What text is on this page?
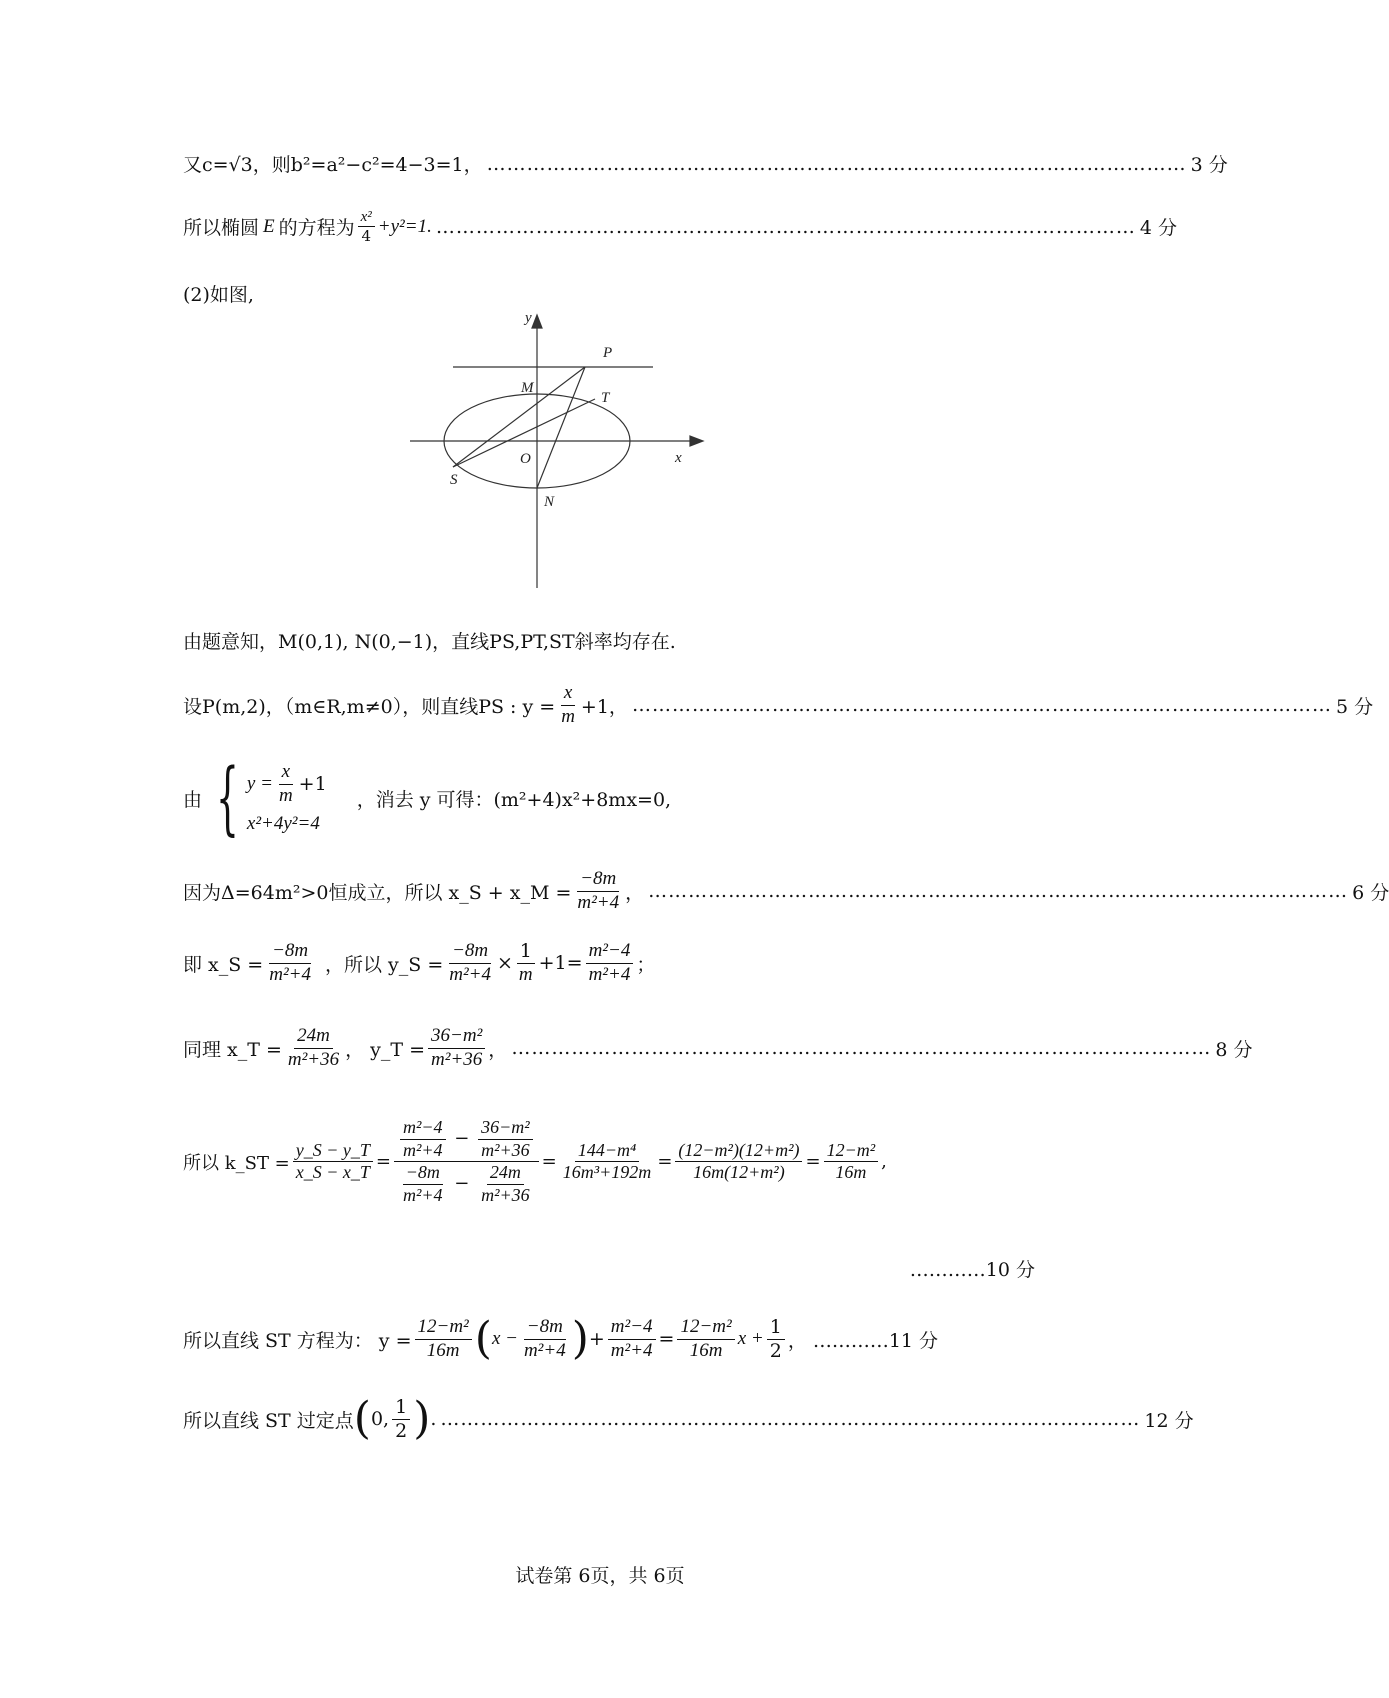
又c=√3，则b²=a²−c²=4−3=1， …………………………………………………………………………………………… 3 分
所以椭圆 E 的方程为 $\frac{\text{x²}}{4} +y^2=1$. …………………………………………………………………………………………… 4 分
(2)如图,
y
x
P
M
T
O
S
N
由题意知，M(0,1), N(0,−1)，直线PS,PT,ST斜率均存在.
设P(m,2)，（m∈R,m≠0），则直线PS : $y = \frac{x}{m} +1$， …………………………………………………………………………………………… 5 分
由 { $y = \frac{x}{m} +1$
x²+4y²=4
，消去 y 可得：(m²+4)x²+8mx=0,
因为Δ=64m²>0恒成立，所以 x_S + x_M = $\frac{-8m}{\text{m²+4}}$ ， …………………………………………………………………………………………… 6 分
即 x_S = $\frac{-8m}{\text{m²+4}}$ ，所以 y_S = $\frac{-8m}{\text{m²+4}} \times \frac{1}{m} +1= \frac{\text{m²−4}}{\text{m²+4}}$ ；
同理 x_T = $\frac{24m}{\text{m²+36}}$ ， y_T = $\frac{\text{36−m²}}{\text{m²+36}}$ ， …………………………………………………………………………………………… 8 分
所以 k_ST = $\frac{y\_S - y\_T}{x\_S - x\_T} = \frac{\frac{\text{m²−4}}{\text{m²+4}} - \frac{\text{36−m²}}{\text{m²+36}}}{\frac{-8m}{\text{m²+4}} - \frac{24m}{\text{m²+36}}} = \frac{\text{144−m⁴}}{\text{16m³+192m}} = \frac{\text{(12−m²)(12+m²)}}{\text{16m(12+m²)}} = \frac{\text{12−m²}}{16m}$ ,
…………10 分
所以直线 ST 方程为： $y = \frac{\text{12−m²}}{16m}$ ( $x - \frac{-8m}{\text{m²+4}}$ ) + $\frac{\text{m²−4}}{\text{m²+4}} = \frac{\text{12−m²}}{16m}$ $x + \frac{1}{2}$ ， …………11 分
所以直线 ST 过定点 ( 0, $\frac{1}{2}$ ) . …………………………………………………………………………………………… 12 分
试卷第 6页，共 6页
